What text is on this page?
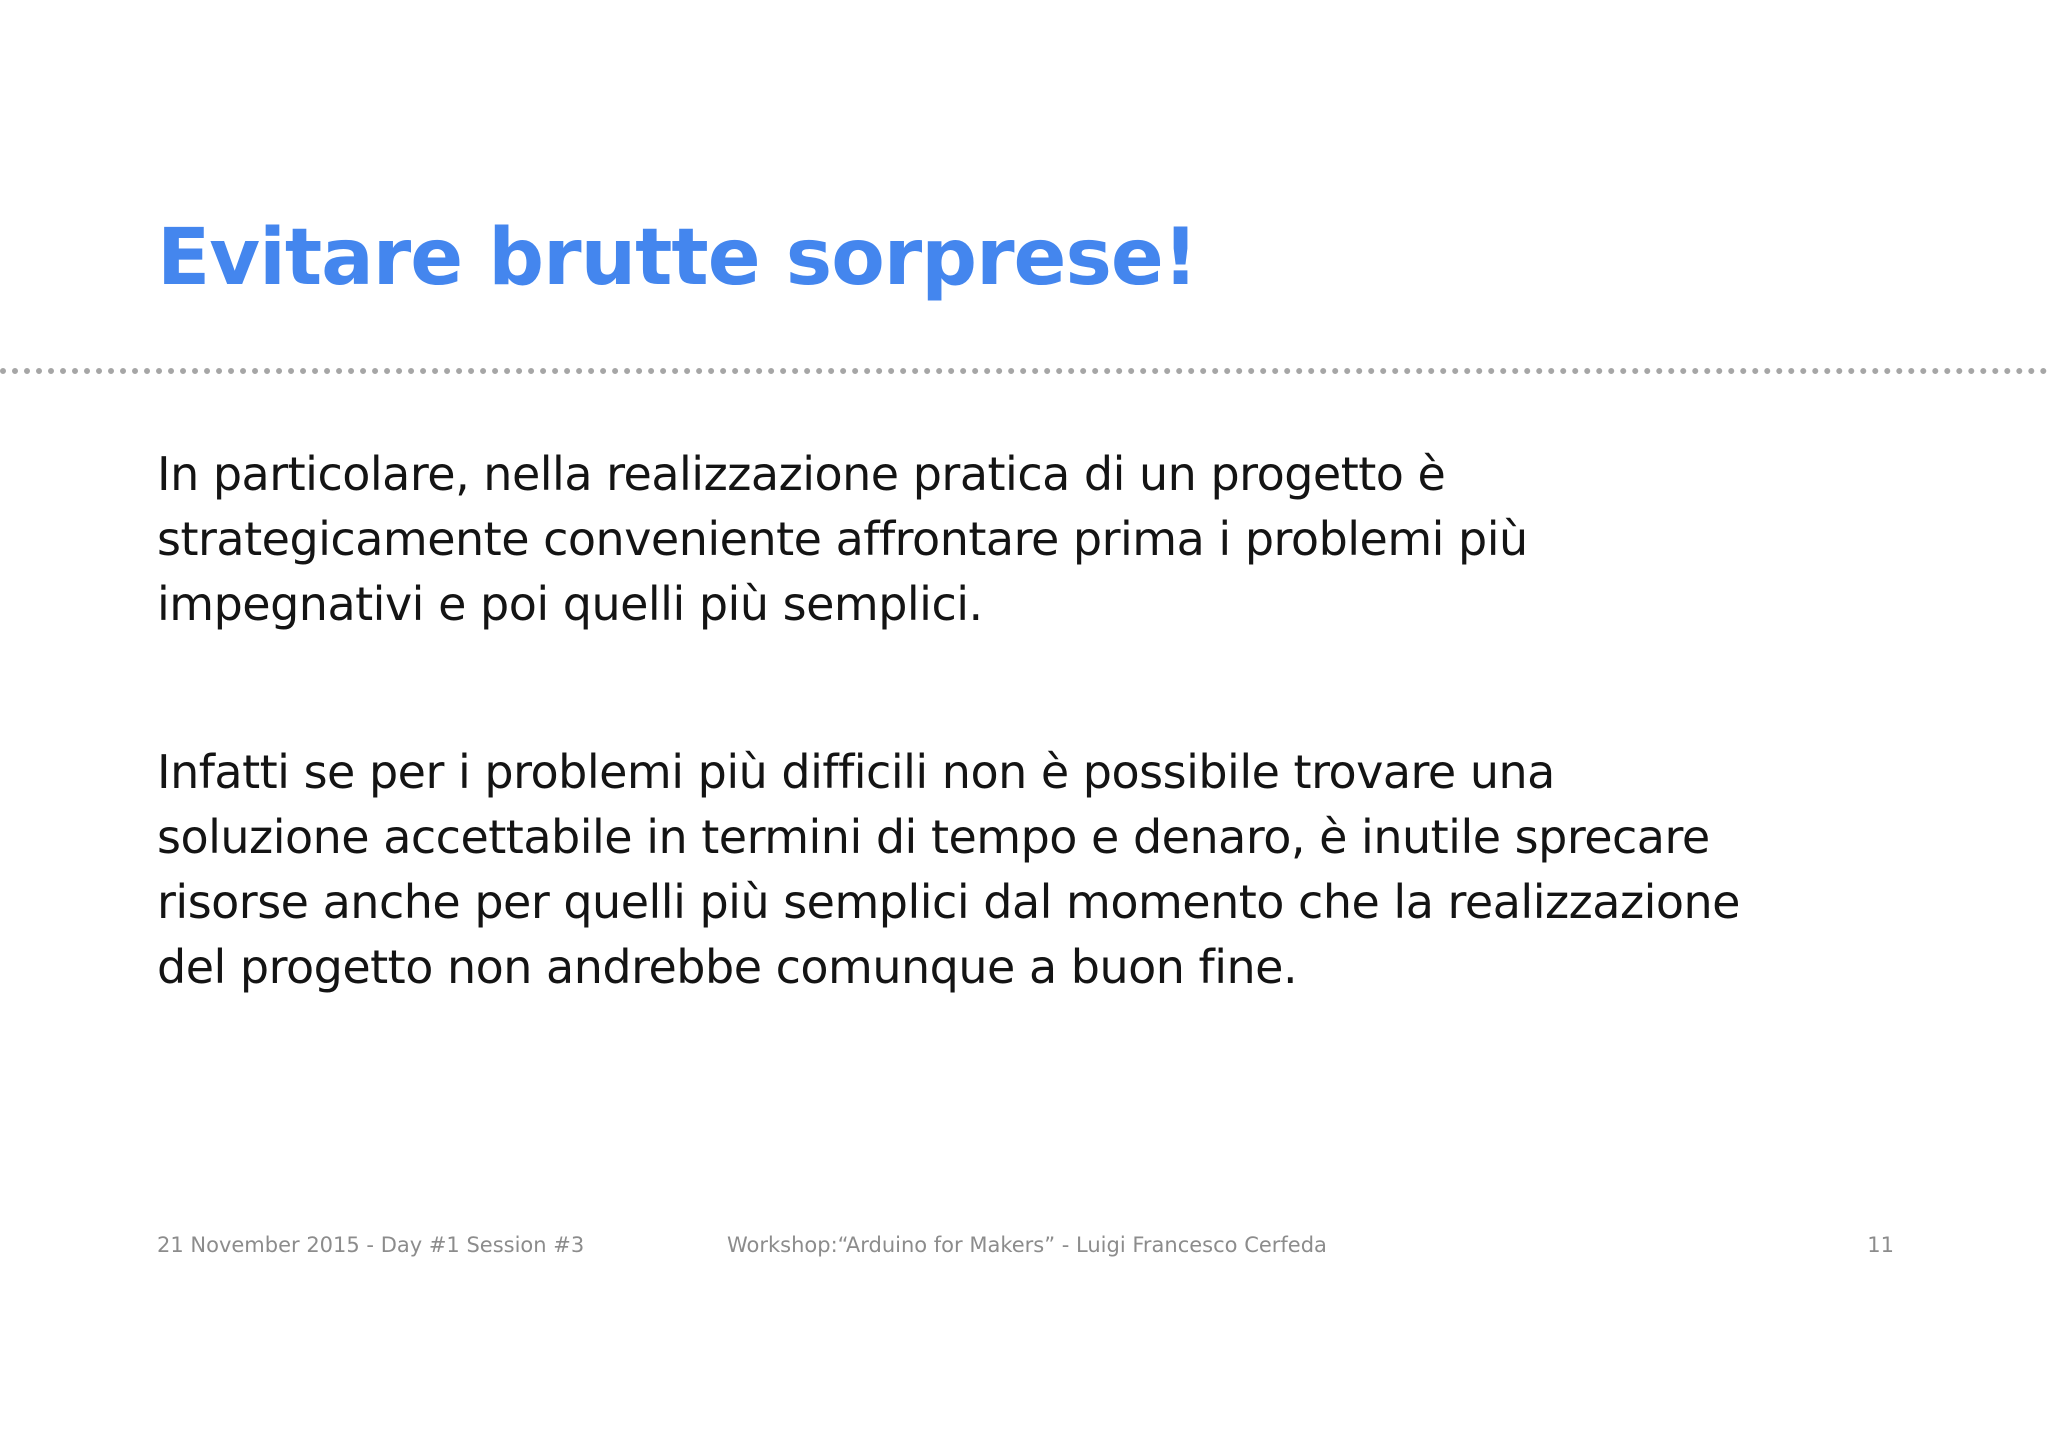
Evitare brutte sorprese!

In particolare, nella realizzazione pratica di un progetto è
strategicamente conveniente affrontare prima i problemi più
impegnativi e poi quelli più semplici.

Infatti se per i problemi più difficili non è possibile trovare una
soluzione accettabile in termini di tempo e denaro, è inutile sprecare
risorse anche per quelli più semplici dal momento che la realizzazione
del progetto non andrebbe comunque a buon fine.

21 November 2015 - Day #1 Session #3	Workshop:“Arduino for Makers” - Luigi Francesco Cerfeda	11
